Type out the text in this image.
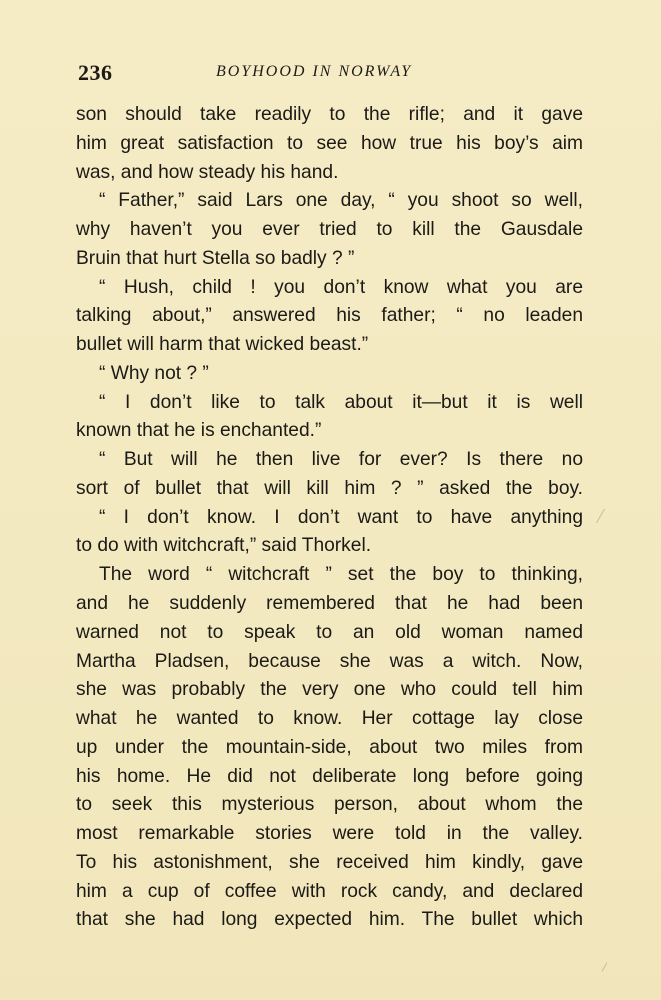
236	BOYHOOD IN NORWAY
son should take readily to the rifle; and it gave
him great satisfaction to see how true his boy’s aim
was, and how steady his hand.
“ Father,” said Lars one day, “ you shoot so well,
why haven’t you ever tried to kill the Gausdale
Bruin that hurt Stella so badly ? ”
“ Hush, child ! you don’t know what you are
talking about,” answered his father; “ no leaden
bullet will harm that wicked beast.”
“ Why not ? ”
“ I don’t like to talk about it—but it is well
known that he is enchanted.”
“ But will he then live for ever? Is there no
sort of bullet that will kill him ? ” asked the boy.
“ I don’t know. I don’t want to have anything
to do with witchcraft,” said Thorkel.
The word “ witchcraft ” set the boy to thinking,
and he suddenly remembered that he had been
warned not to speak to an old woman named
Martha Pladsen, because she was a witch. Now,
she was probably the very one who could tell him
what he wanted to know. Her cottage lay close
up under the mountain-side, about two miles from
his home. He did not deliberate long before going
to seek this mysterious person, about whom the
most remarkable stories were told in the valley.
To his astonishment, she received him kindly, gave
him a cup of coffee with rock candy, and declared
that she had long expected him. The bullet which
